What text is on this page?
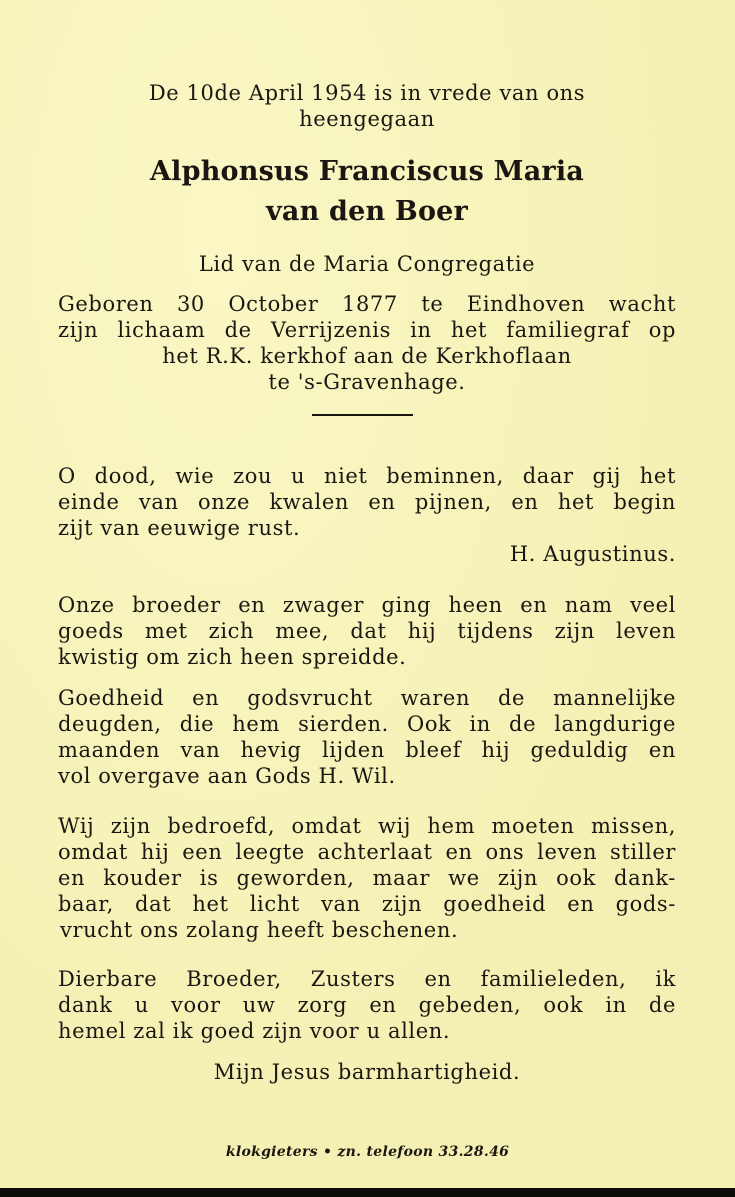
De 10de April 1954 is in vrede van ons
heengegaan
Alphonsus Franciscus Maria
van den Boer
Lid van de Maria Congregatie
Geboren 30 October 1877 te Eindhoven wacht
zijn lichaam de Verrijzenis in het familiegraf op
het R.K. kerkhof aan de Kerkhoflaan
te 's-Gravenhage.
O dood, wie zou u niet beminnen, daar gij het
einde van onze kwalen en pijnen, en het begin
zijt van eeuwige rust.
H. Augustinus.
Onze broeder en zwager ging heen en nam veel
goeds met zich mee, dat hij tijdens zijn leven
kwistig om zich heen spreidde.
Goedheid en godsvrucht waren de mannelijke
deugden, die hem sierden. Ook in de langdurige
maanden van hevig lijden bleef hij geduldig en
vol overgave aan Gods H. Wil.
Wij zijn bedroefd, omdat wij hem moeten missen,
omdat hij een leegte achterlaat en ons leven stiller
en kouder is geworden, maar we zijn ook dank-
baar, dat het licht van zijn goedheid en gods-
vrucht ons zolang heeft beschenen.
Dierbare Broeder, Zusters en familieleden, ik
dank u voor uw zorg en gebeden, ook in de
hemel zal ik goed zijn voor u allen.
Mijn Jesus barmhartigheid.
klokgieters • zn. telefoon 33.28.46
